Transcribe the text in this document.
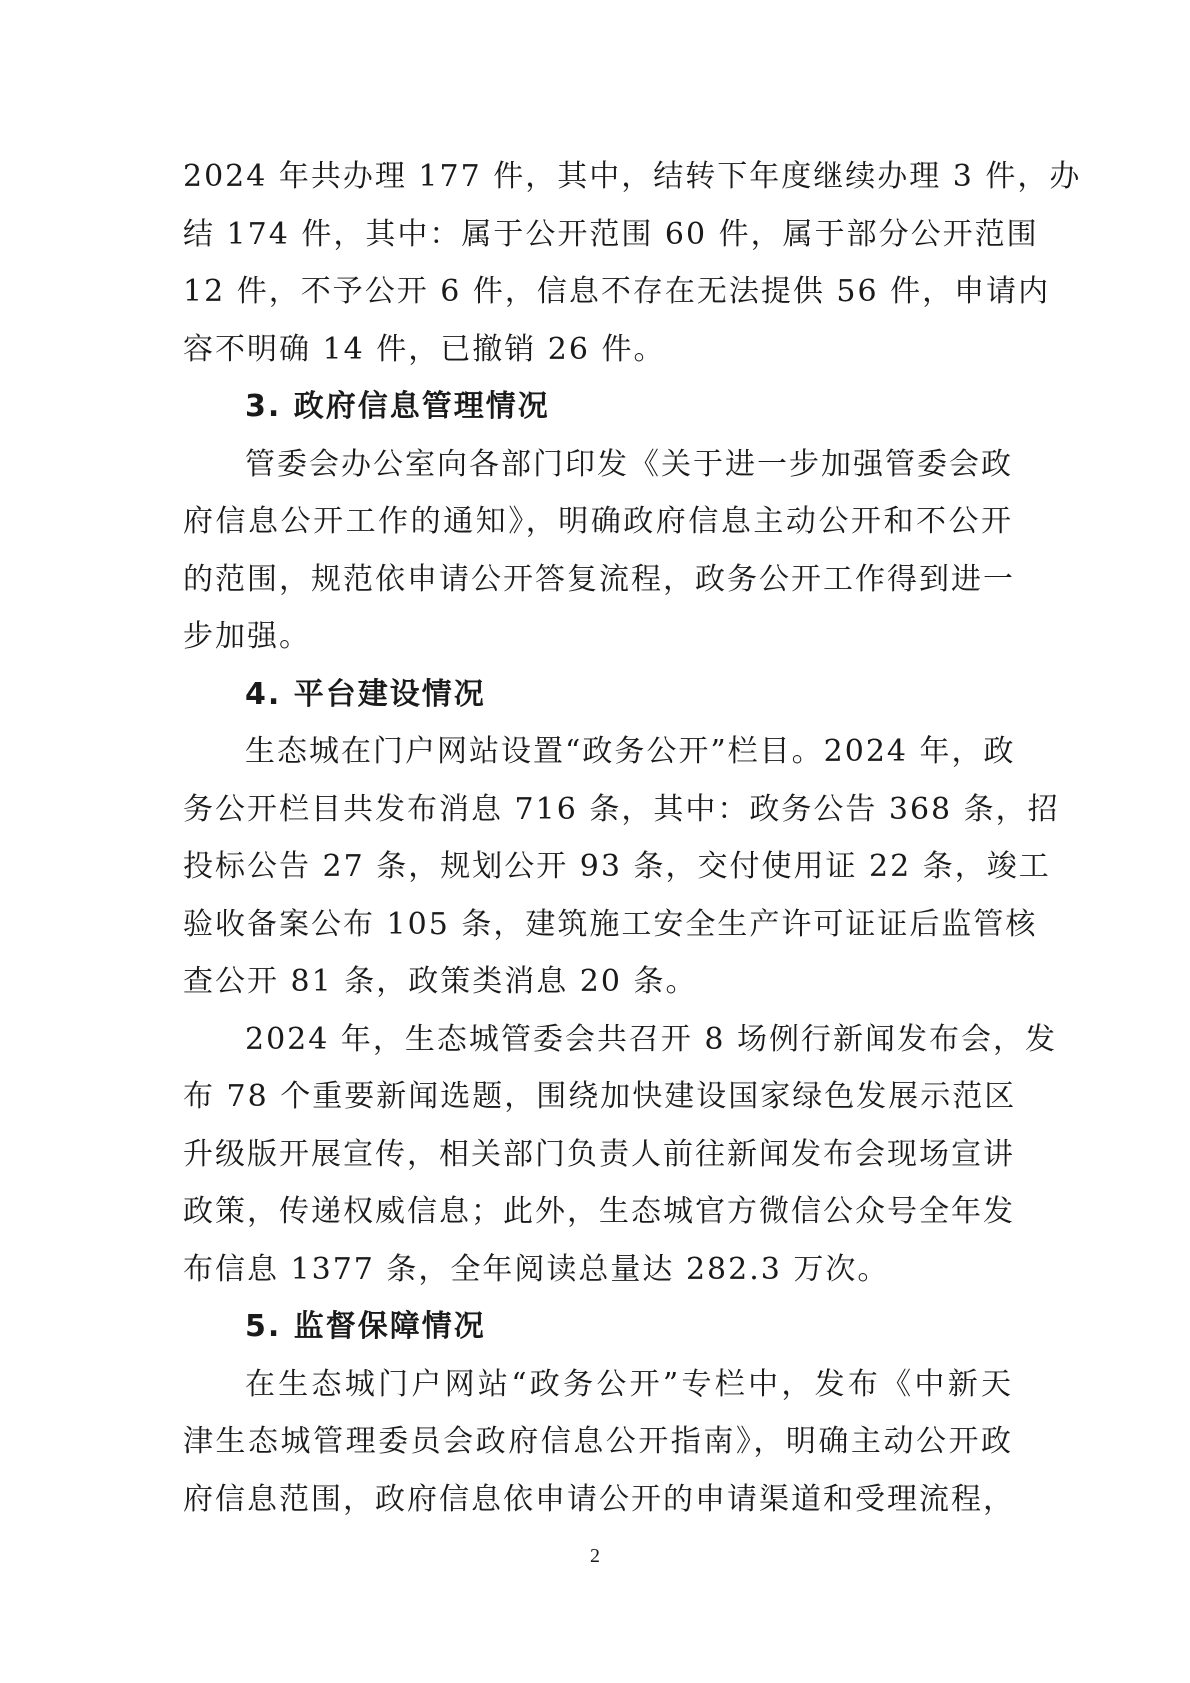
2024 年共办理 177 件，其中，结转下年度继续办理 3 件，办
结 174 件，其中：属于公开范围 60 件，属于部分公开范围
12 件，不予公开 6 件，信息不存在无法提供 56 件，申请内
容不明确 14 件，已撤销 26 件。
3. 政府信息管理情况
管委会办公室向各部门印发《关于进一步加强管委会政
府信息公开工作的通知》，明确政府信息主动公开和不公开
的范围，规范依申请公开答复流程，政务公开工作得到进一
步加强。
4. 平台建设情况
生态城在门户网站设置“政务公开”栏目。2024 年，政
务公开栏目共发布消息 716 条，其中：政务公告 368 条，招
投标公告 27 条，规划公开 93 条，交付使用证 22 条，竣工
验收备案公布 105 条，建筑施工安全生产许可证证后监管核
查公开 81 条，政策类消息 20 条。
2024 年，生态城管委会共召开 8 场例行新闻发布会，发
布 78 个重要新闻选题，围绕加快建设国家绿色发展示范区
升级版开展宣传，相关部门负责人前往新闻发布会现场宣讲
政策，传递权威信息；此外，生态城官方微信公众号全年发
布信息 1377 条，全年阅读总量达 282.3 万次。
5. 监督保障情况
在生态城门户网站“政务公开”专栏中，发布《中新天
津生态城管理委员会政府信息公开指南》，明确主动公开政
府信息范围，政府信息依申请公开的申请渠道和受理流程，
2
